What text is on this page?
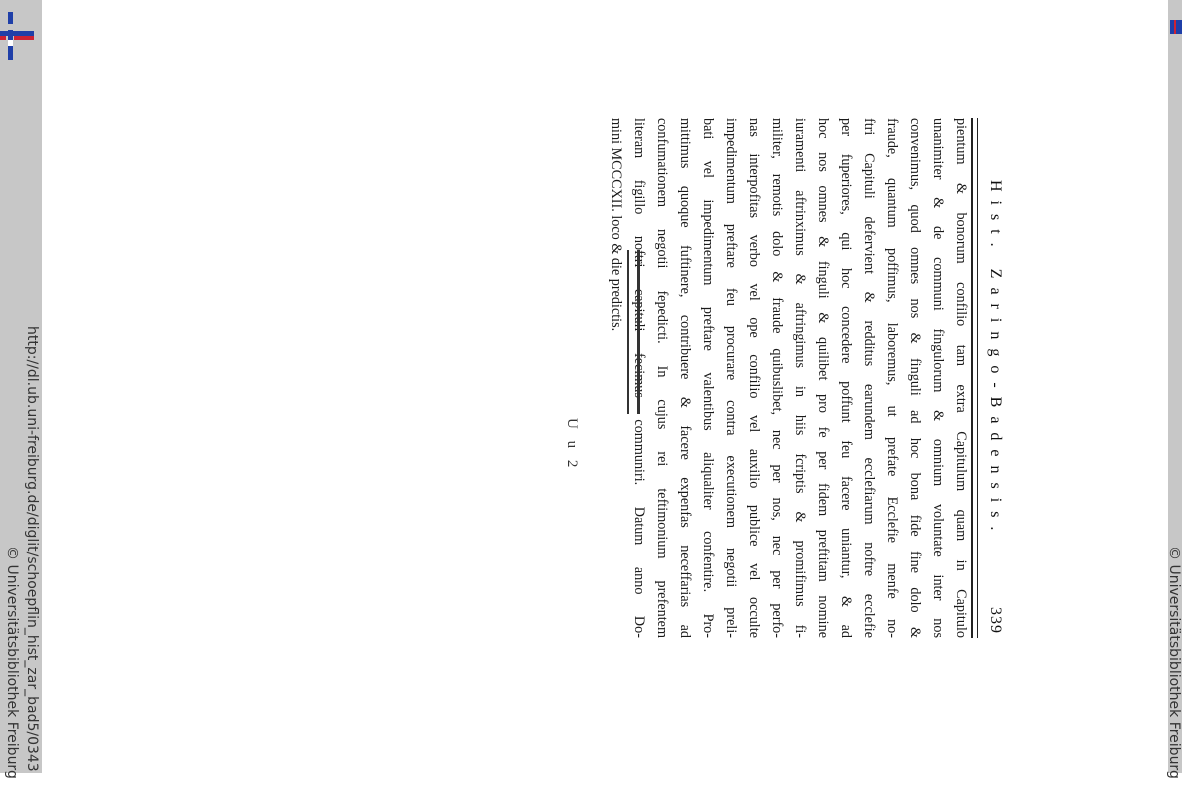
http://dl.ub.uni-freiburg.de/diglit/schoepflin_hist_zar_bad5/0343
© Universitätsbibliothek Freiburg	© Universitätsbibliothek Freiburg
Hist. Zaringo-Badensis.
339
pientum & bonorum confilio tam extra Capitulum quam in Capitulo
unanimiter & de communi fingulorum & omnium voluntate inter nos
convenimus, quod omnes nos & finguli ad hoc bona fide fine dolo &
fraude, quantum poffimus, laboremus, ut prefate Ecclefie menfe no-
ftri Capituli defervient & redditus earundem ecclefiarum noftre ecclefie
per fuperiores, qui hoc concedere poffunt feu facere uniantur, & ad
hoc nos omnes & finguli & quilibet pro fe per fidem preftitam nomine
iuramenti aftrinximus & aftringimus in hiis fcriptis & promifimus fi-
militer, remotis dolo & fraude quibuslibet, nec per nos, nec per perfo-
nas interpofitas verbo vel ope confilio vel auxilio publice vel occulte
impedimentum preftare feu procurare contra executionem negotii preli-
bati vel impedimentum preftare valentibus aliqualiter confentire. Pro-
mittimus quoque fuftinere, contribuere & facere expenfas neceffarias ad
confumationem negotii fepedicti. In cujus rei teftimonium prefentem
literam figillo noftri capituli fecimus communiri. Datum anno Do-
mini MCCCXII. loco & die predictis.
U u 2
